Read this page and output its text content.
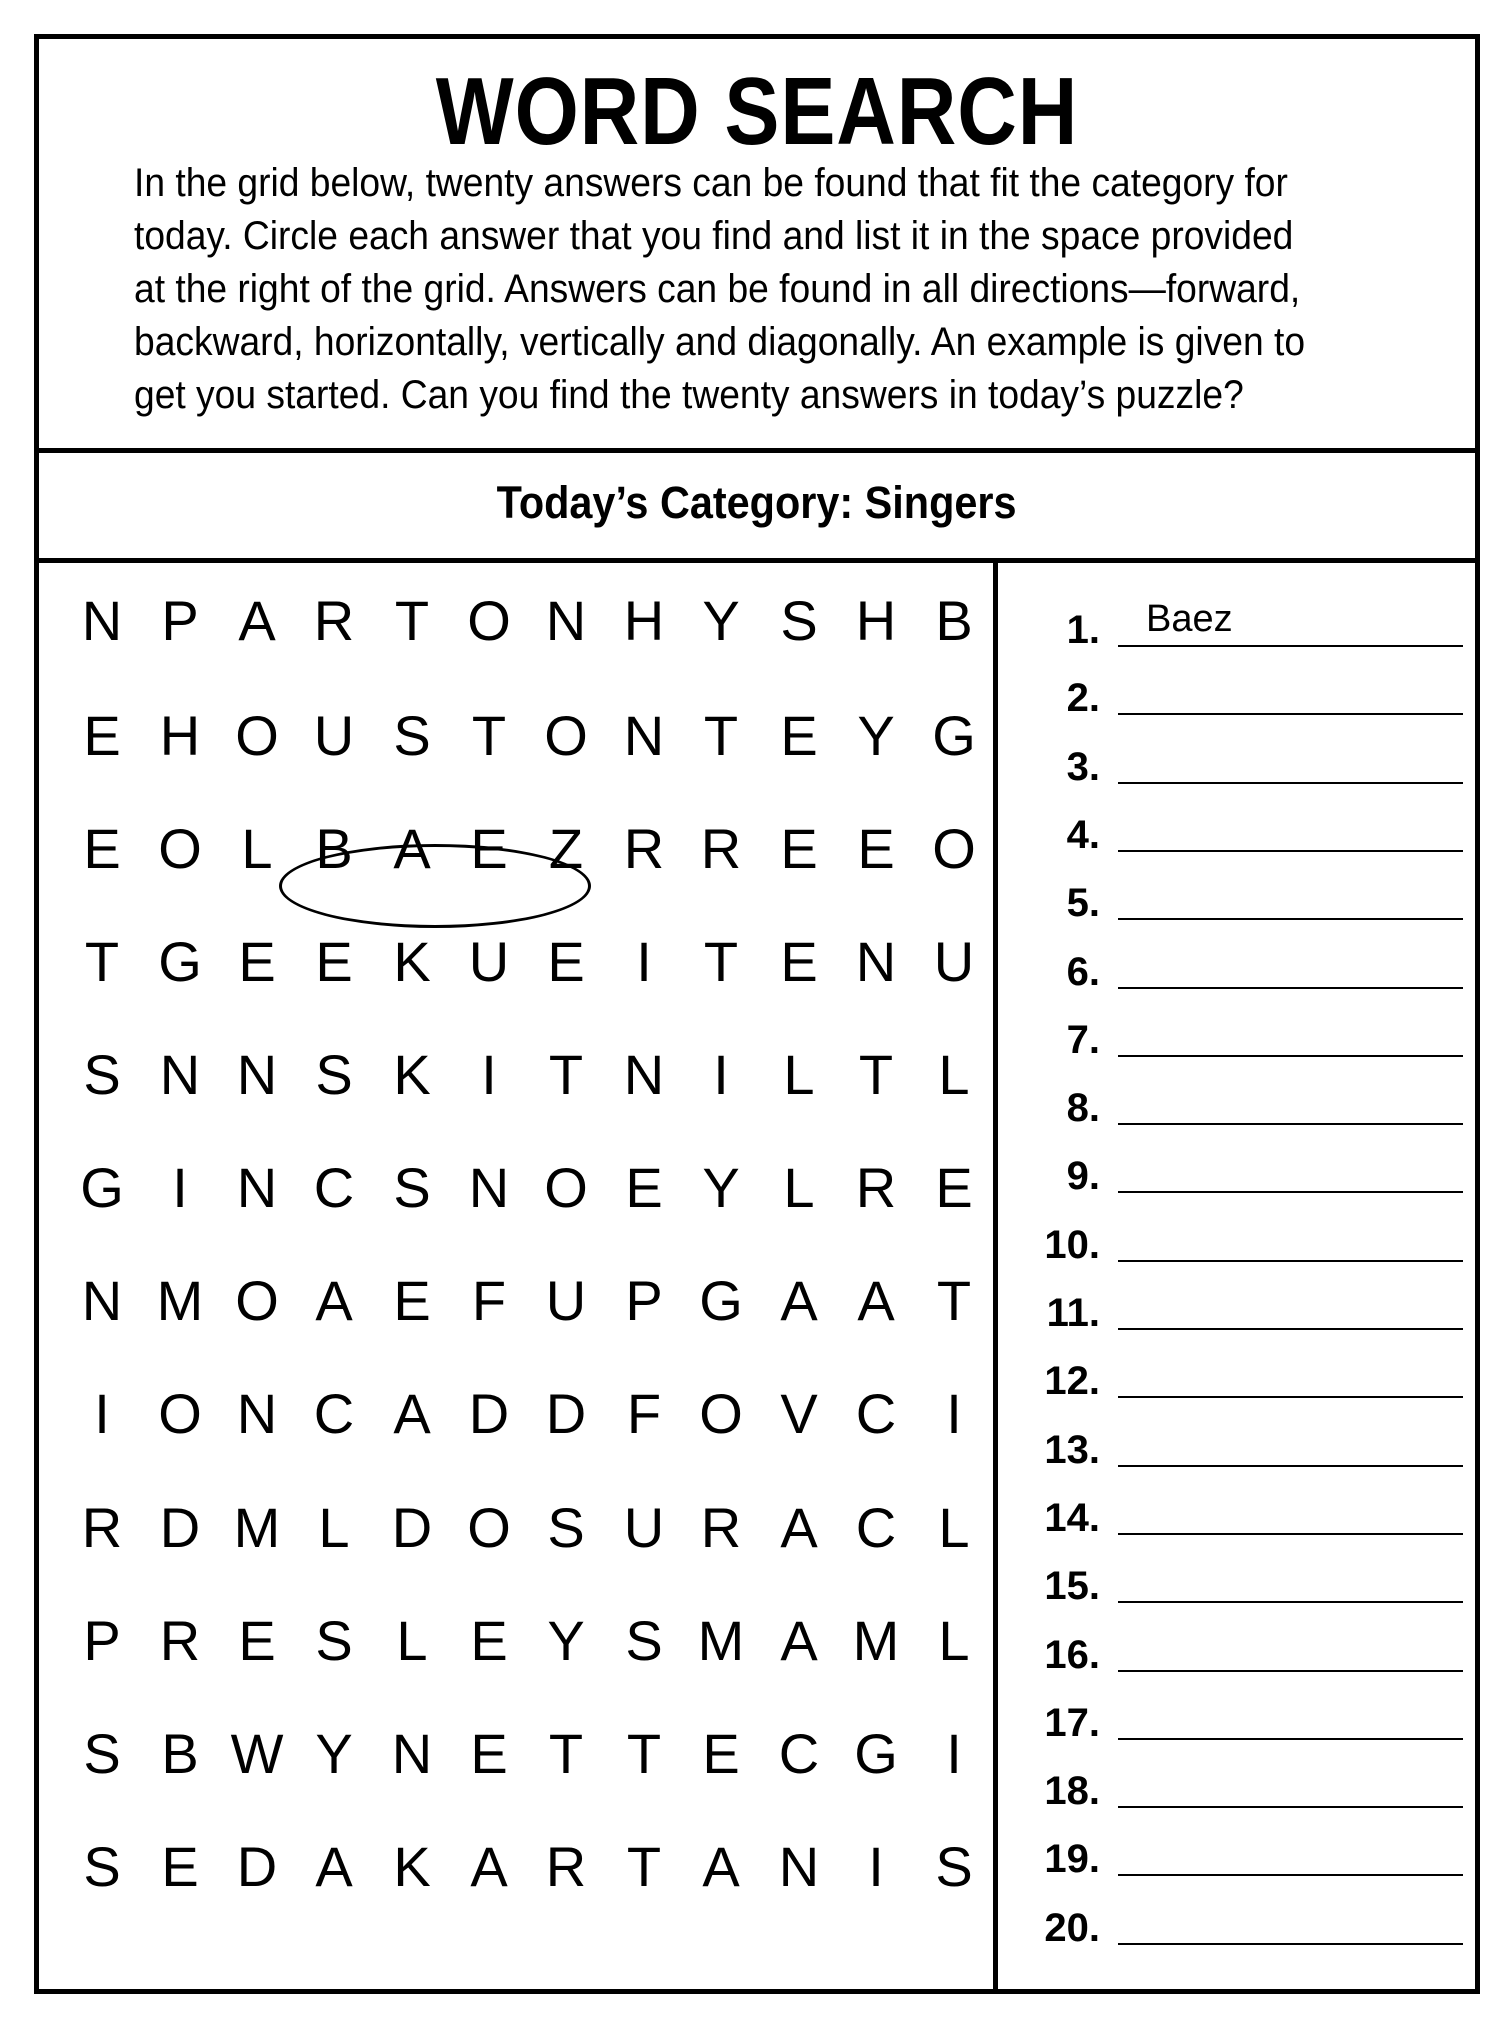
WORD SEARCH

In the grid below, twenty answers can be found that fit the category for today. Circle each answer that you find and list it in the space provided at the right of the grid. Answers can be found in all directions—forward, backward, horizontally, vertically and diagonally. An example is given to get you started. Can you find the twenty answers in today’s puzzle?

Today’s Category: Singers
N P A R T O N H Y S H B
E H O U S T O N T E Y G
E O L B A E Z R R E E O
T G E E K U E I T E N U
S N N S K I T N I L T L
G I N C S N O E Y L R E
N M O A E F U P G A A T
I O N C A D D F O V C I
R D M L D O S U R A C L
P R E S L E Y S M A M L
S B W Y N E T T E C G I
S E D A K A R T A N I S
1. Baez
2.
3.
4.
5.
6.
7.
8.
9.
10.
11.
12.
13.
14.
15.
16.
17.
18.
19.
20.
